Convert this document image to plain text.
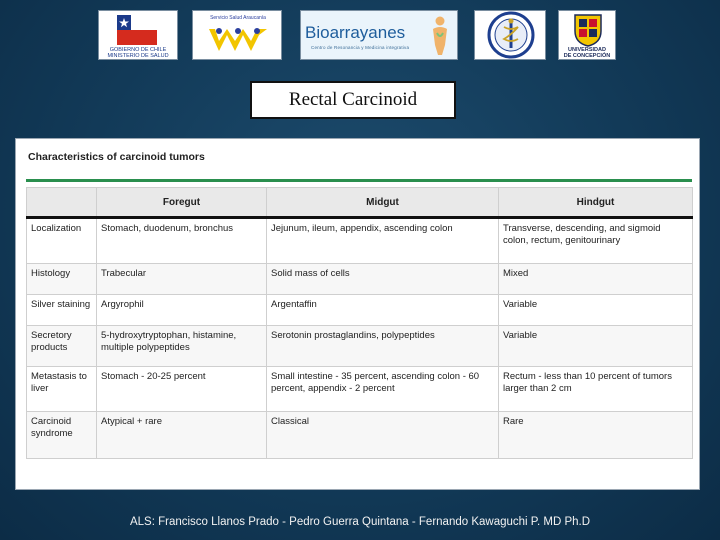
GOBIERNO DE CHILE
MINISTERIO DE SALUD
Servicio Salud Araucanía
Bioarrayanes
Centro de Resonancia y Medicina integrativa	UNIVERSIDAD
DE CONCEPCIÓN
Rectal Carcinoid
Characteristics of carcinoid tumors
	Foregut	Midgut	Hindgut
Localization	Stomach, duodenum, bronchus	Jejunum, ileum, appendix, ascending colon	Transverse, descending, and sigmoid colon, rectum, genitourinary
Histology	Trabecular	Solid mass of cells	Mixed
Silver staining	Argyrophil	Argentaffin	Variable
Secretory products	5-hydroxytryptophan, histamine, multiple polypeptides	Serotonin prostaglandins, polypeptides	Variable
Metastasis to liver	Stomach - 20-25 percent	Small intestine - 35 percent, ascending colon - 60 percent, appendix - 2 percent	Rectum - less than 10 percent of tumors larger than 2 cm
Carcinoid syndrome	Atypical + rare	Classical	Rare
ALS: Francisco Llanos Prado - Pedro Guerra Quintana - Fernando Kawaguchi P. MD Ph.D
